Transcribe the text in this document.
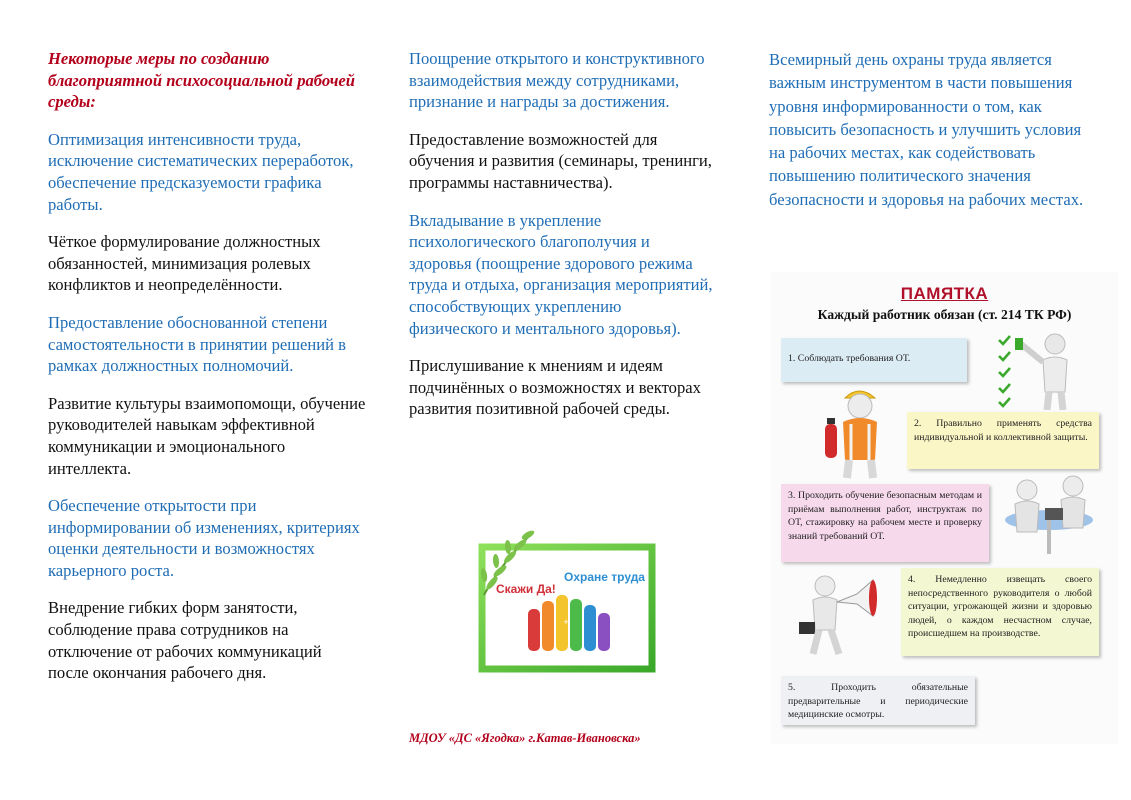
Некоторые меры по созданию благоприятной психосоциальной рабочей среды:

Оптимизация интенсивности труда, исключение систематических переработок, обеспечение предсказуемости графика работы.

Чёткое формулирование должностных обязанностей, минимизация ролевых конфликтов и неопределённости.

Предоставление обоснованной степени самостоятельности в принятии решений в рамках должностных полномочий.

Развитие культуры взаимопомощи, обучение руководителей навыкам эффективной коммуникации и эмоционального интеллекта.

Обеспечение открытости при информировании об изменениях, критериях оценки деятельности и возможностях карьерного роста.

Внедрение гибких форм занятости, соблюдение права сотрудников на отключение от рабочих коммуникаций после окончания рабочего дня.

Поощрение открытого и конструктивного взаимодействия между сотрудниками, признание и награды за достижения.

Предоставление возможностей для обучения и развития (семинары, тренинги, программы наставничества).

Вкладывание в укрепление психологического благополучия и здоровья (поощрение здорового режима труда и отдыха, организация мероприятий, способствующих укреплению физического и ментального здоровья).

Прислушивание к мнениям и идеям подчинённых о возможностях и векторах развития позитивной рабочей среды.

Скажи Да!
Охране труда
+
МДОУ «ДС «Ягодка» г.Катав-Ивановска»

Всемирный день охраны труда является важным инструментом в части повышения уровня информированности о том, как повысить безопасность и улучшить условия на рабочих местах, как содействовать повышению политического значения безопасности и здоровья на рабочих местах.

ПАМЯТКА
Каждый работник обязан (ст. 214 ТК РФ)
1. Соблюдать требования ОТ.
2. Правильно применять средства индивидуальной и коллективной защиты.
3. Проходить обучение безопасным методам и приёмам выполнения работ, инструктаж по ОТ, стажировку на рабочем месте и проверку знаний требований ОТ.
4. Немедленно извещать своего непосредственного руководителя о любой ситуации, угрожающей жизни и здоровью людей, о каждом несчастном случае, происшедшем на производстве.
5. Проходить обязательные предварительные и периодические медицинские осмотры.
